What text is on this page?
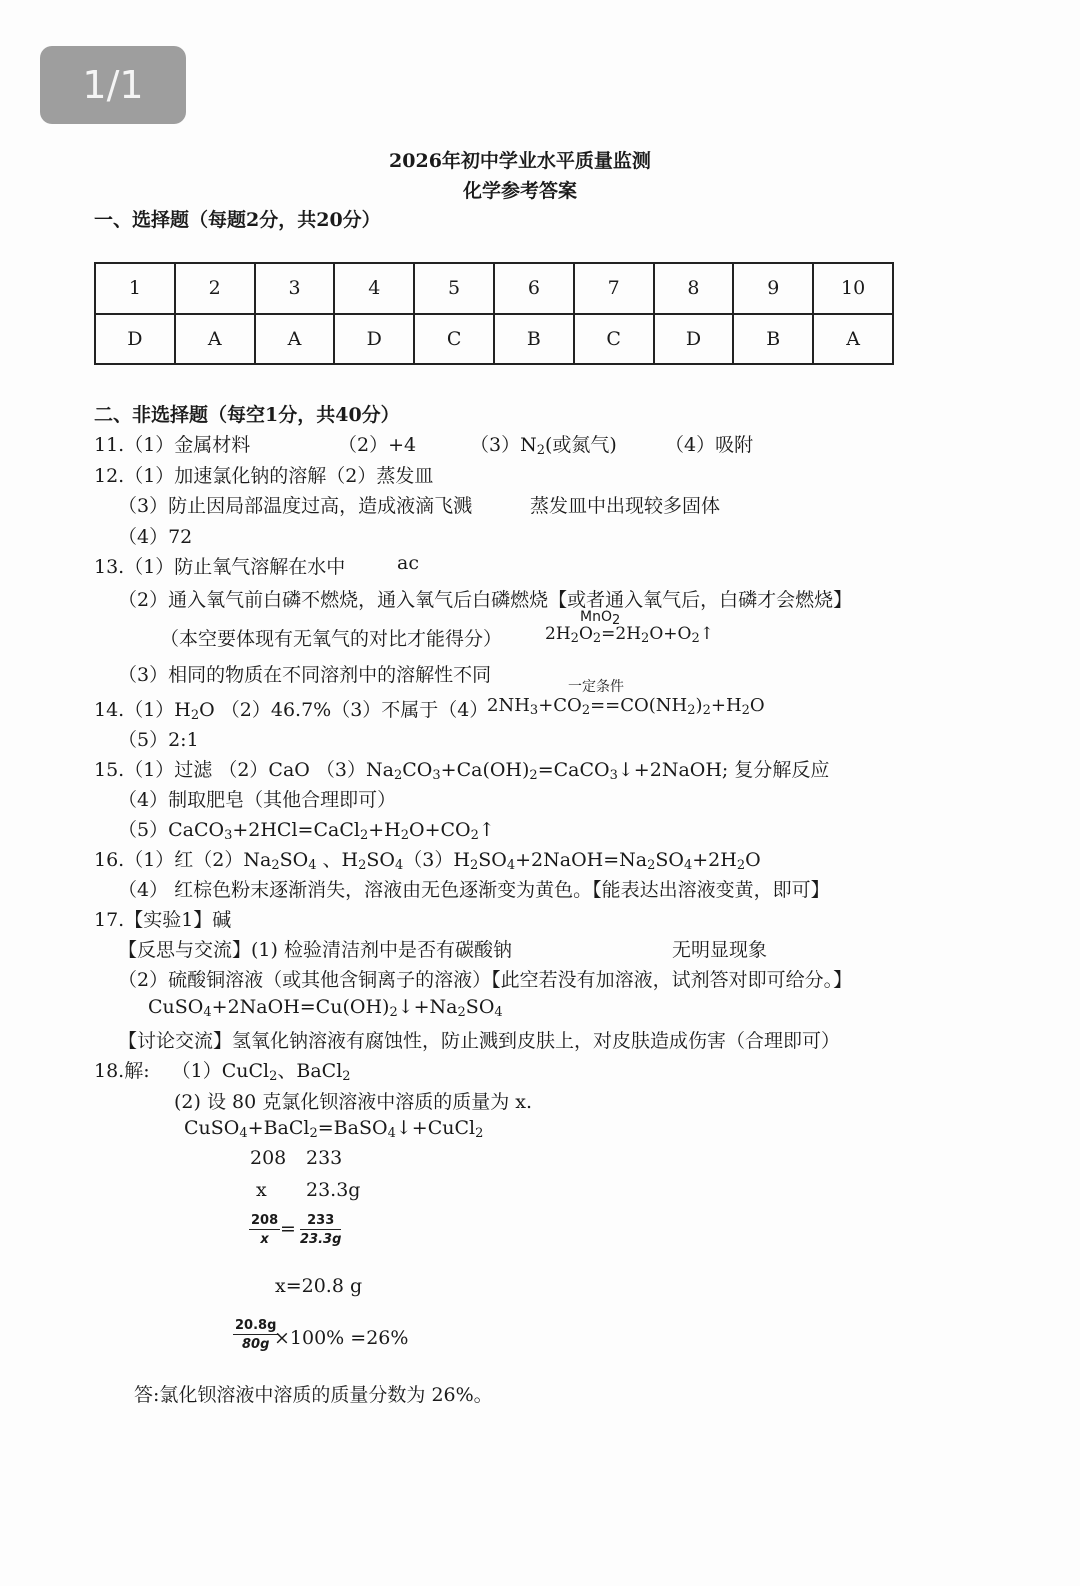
1/1
2026年初中学业水平质量监测
化学参考答案
一、选择题（每题2分，共20分）
1	2	3	4	5	6	7	8	9	10
D	A	A	D	C	B	C	D	B	A
二、非选择题（每空1分，共40分）
11.（1）金属材料	（2）+4	$(3)N_2$(或氮气)	（4）吸附
12.（1）加速氯化钠的溶解（2）蒸发皿
（3）防止因局部温度过高，造成液滴飞溅	蒸发皿中出现较多固体
（4）72
13.（1）防止氧气溶解在水中	ac
（2）通入氧气前白磷不燃烧，通入氧气后白磷燃烧【或者通入氧气后，白磷才会燃烧】
（本空要体现有无氧气的对比才能得分）
MnO$_2$
$2H_2O_2=2H_2O+O_2↑$
（3）相同的物质在不同溶剂中的溶解性不同
一定条件
$14.(1)H_2O$ （2）46.7%（3）不属于（4）
$2NH_3+CO_2==CO(NH_2)_2+H_2O$
（5）2:1
15.（1）过滤 （2）CaO $(3)Na_2CO_3+Ca(OH)_2=CaCO_3↓+2NaOH$; 复分解反应
（4）制取肥皂（其他合理即可）
$(5)CaCO_3+2HCl=CaCl_2+H_2O+CO_2↑$
16.（1）红$(2)Na_2SO_4$ 、$H_2SO_4(3)H_2SO_4+2NaOH=Na_2SO_4+2H_2O$
（4） 红棕色粉末逐渐消失，溶液由无色逐渐变为黄色。【能表达出溶液变黄，即可】
17.【实验1】碱
【反思与交流】(1) 检验清洁剂中是否有碳酸钠	无明显现象
（2）硫酸铜溶液（或其他含铜离子的溶液）【此空若没有加溶液，试剂答对即可给分。】
$CuSO_4+2NaOH=Cu(OH)_2↓+Na_2SO_4$
【讨论交流】氢氧化钠溶液有腐蚀性，防止溅到皮肤上，对皮肤造成伤害（合理即可）
18.解: （1）CuCl$_2$、BaCl$_2$
(2) 设 80 克氯化钡溶液中溶质的质量为 x.
CuSO$_4$+BaCl$_2$=BaSO$_4$↓+CuCl$_2$
208 233
x 23.3g
$\frac{208}{x} = \frac{233}{23.3g}$
x=20.8 g
$\frac{20.8g}{80g}$
×100% =26%
答:氯化钡溶液中溶质的质量分数为 26%。
